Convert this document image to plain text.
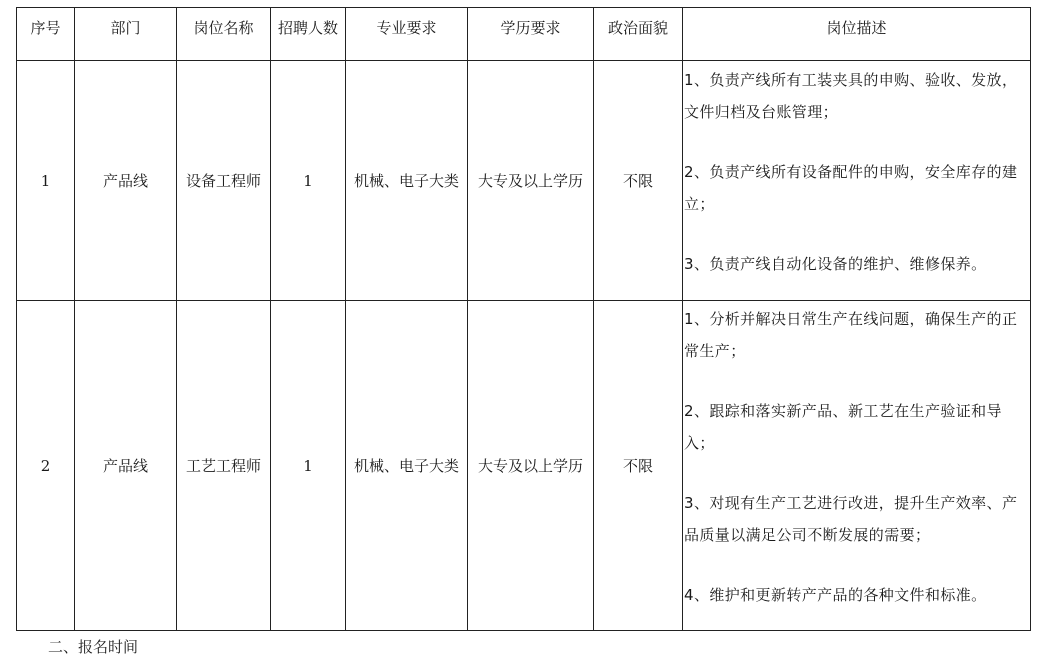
序号	部门	岗位名称	招聘人数	专业要求	学历要求	政治面貌	岗位描述
1	产品线	设备工程师	1	机械、电子大类	大专及以上学历	不限	1、负责产线所有工装夹具的申购、验收、发放，文件归档及台账管理；

2、负责产线所有设备配件的申购，安全库存的建立；

3、负责产线自动化设备的维护、维修保养。

2	产品线	工艺工程师	1	机械、电子大类	大专及以上学历	不限	1、分析并解决日常生产在线问题，确保生产的正常生产；

2、跟踪和落实新产品、新工艺在生产验证和导入；

3、对现有生产工艺进行改进，提升生产效率、产品质量以满足公司不断发展的需要；

4、维护和更新转产产品的各种文件和标准。

二、报名时间
